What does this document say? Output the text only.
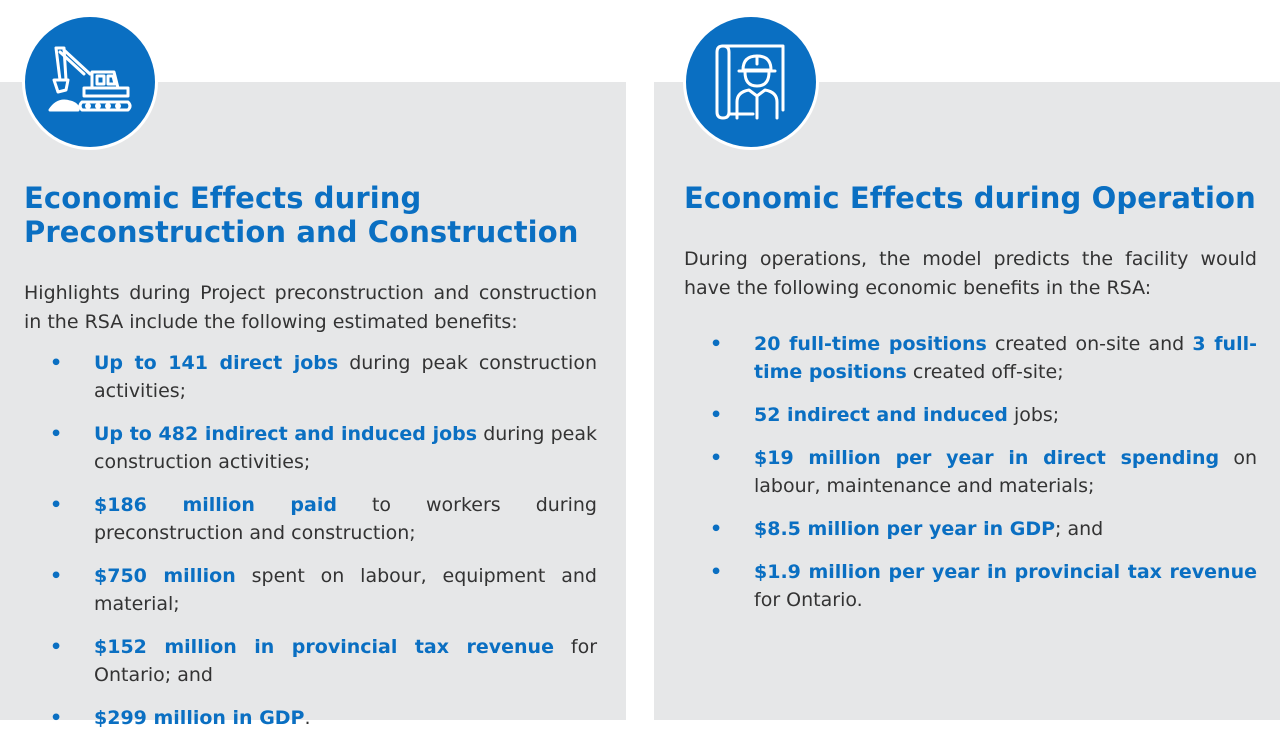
Economic Effects during Preconstruction and Construction
Economic Effects during Operation

Highlights during Project preconstruction and construction in the RSA include the following estimated benefits:

During operations, the model predicts the facility would have the following economic benefits in the RSA:

• Up to 141 direct jobs during peak construction activities;
• Up to 482 indirect and induced jobs during peak construction activities;
• $186 million paid to workers during preconstruction and construction;
• $750 million spent on labour, equipment and material;
• $152 million in provincial tax revenue for Ontario; and
• $299 million in GDP.
• 20 full-time positions created on-site and 3 full-time positions created off-site;
• 52 indirect and induced jobs;
• $19 million per year in direct spending on labour, maintenance and materials;
• $8.5 million per year in GDP; and
• $1.9 million per year in provincial tax revenue for Ontario.
